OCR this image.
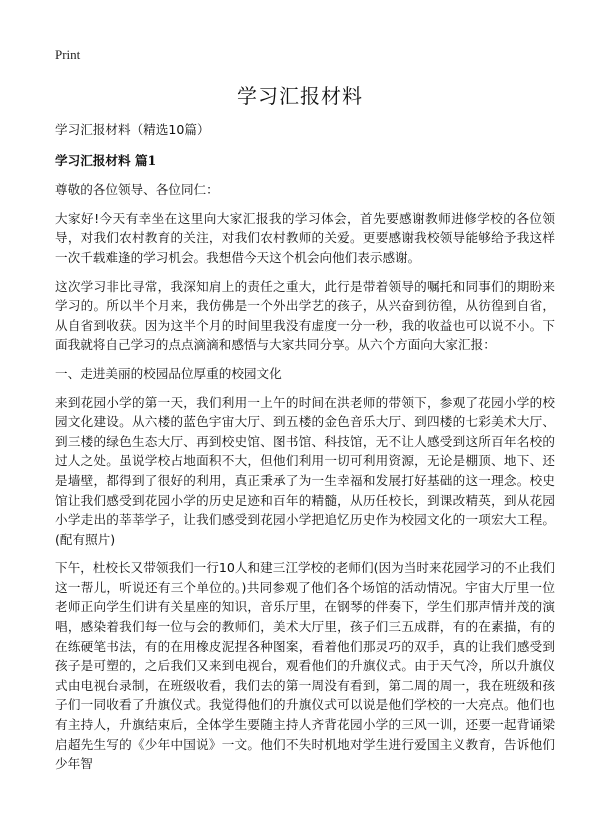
Print
学习汇报材料

学习汇报材料（精选10篇）

学习汇报材料 篇1

尊敬的各位领导、各位同仁：

大家好!今天有幸坐在这里向大家汇报我的学习体会，首先要感谢教师进修学校的各位领导，对我们农村教育的关注，对我们农村教师的关爱。更要感谢我校领导能够给予我这样一次千载难逢的学习机会。我想借今天这个机会向他们表示感谢。

这次学习非比寻常，我深知肩上的责任之重大，此行是带着领导的嘱托和同事们的期盼来学习的。所以半个月来，我仿佛是一个外出学艺的孩子，从兴奋到彷徨，从彷徨到自省，从自省到收获。因为这半个月的时间里我没有虚度一分一秒，我的收益也可以说不小。下面我就将自己学习的点点滴滴和感悟与大家共同分享。从六个方面向大家汇报：

一、走进美丽的校园品位厚重的校园文化

来到花园小学的第一天，我们利用一上午的时间在洪老师的带领下，参观了花园小学的校园文化建设。从六楼的蓝色宇宙大厅、到五楼的金色音乐大厅、到四楼的七彩美术大厅、到三楼的绿色生态大厅、再到校史馆、图书馆、科技馆，无不让人感受到这所百年名校的过人之处。虽说学校占地面积不大，但他们利用一切可利用资源，无论是棚顶、地下、还是墙壁，都得到了很好的利用，真正秉承了为一生幸福和发展打好基础的这一理念。校史馆让我们感受到花园小学的历史足迹和百年的精髓，从历任校长，到课改精英，到从花园小学走出的莘莘学子，让我们感受到花园小学把追忆历史作为校园文化的一项宏大工程。(配有照片)

下午，杜校长又带领我们一行10人和建三江学校的老师们(因为当时来花园学习的不止我们这一帮儿，听说还有三个单位的。)共同参观了他们各个场馆的活动情况。宇宙大厅里一位老师正向学生们讲有关星座的知识，音乐厅里，在钢琴的伴奏下，学生们那声情并茂的演唱，感染着我们每一位与会的教师们，美术大厅里，孩子们三五成群，有的在素描，有的在练硬笔书法，有的在用橡皮泥捏各种图案，看着他们那灵巧的双手，真的让我们感受到孩子是可塑的，之后我们又来到电视台，观看他们的升旗仪式。由于天气冷，所以升旗仪式由电视台录制，在班级收看，我们去的第一周没有看到，第二周的周一，我在班级和孩子们一同收看了升旗仪式。我觉得他们的升旗仪式可以说是他们学校的一大亮点。他们也有主持人，升旗结束后，全体学生要随主持人齐背花园小学的三风一训，还要一起背诵梁启超先生写的《少年中国说》一文。他们不失时机地对学生进行爱国主义教育，告诉他们少年智
